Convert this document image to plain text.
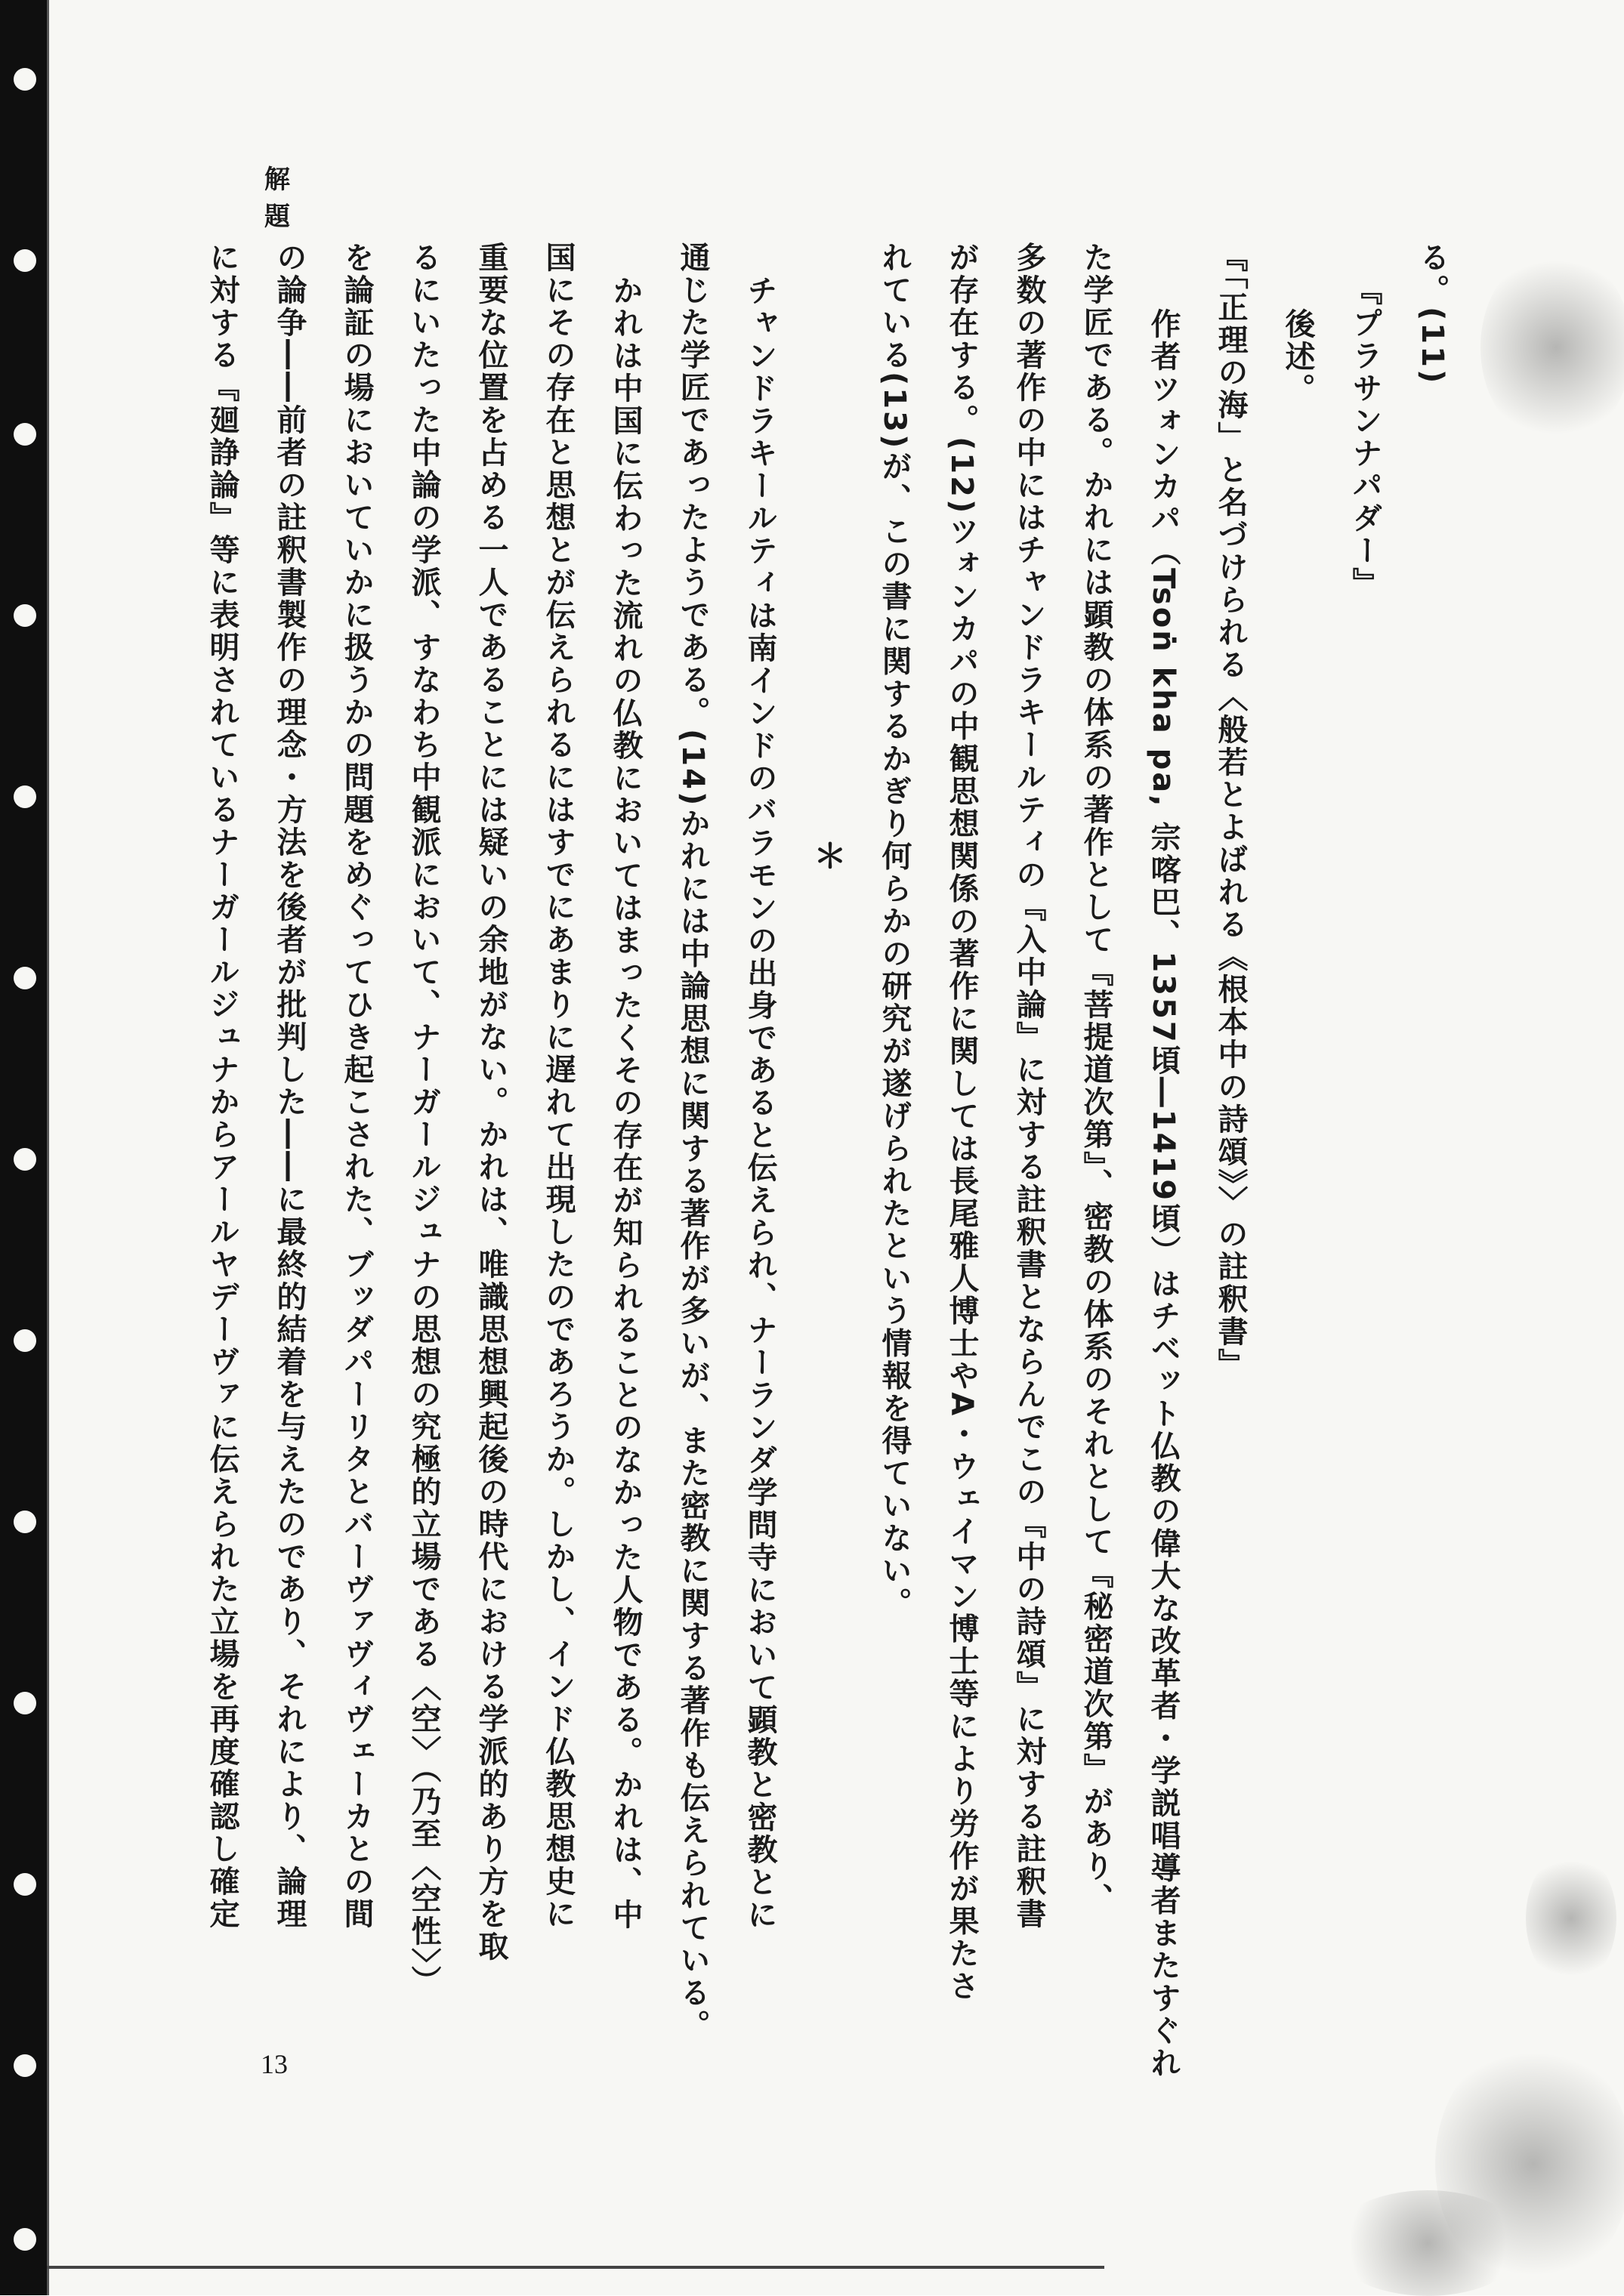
解　題
13

る。(11)

『プラサンナパダー』

後述。

『「正理の海」と名づけられる〈般若とよばれる《根本中の詩頌》〉の註釈書』

作者ツォンカパ（Tsoṅ kha pa, 宗喀巴、1357頃―1419頃）はチベット仏教の偉大な改革者・学説唱導者またすぐれ

た学匠である。かれには顕教の体系の著作として『菩提道次第』、密教の体系のそれとして『秘密道次第』があり、

多数の著作の中にはチャンドラキールティの『入中論』に対する註釈書とならんでこの『中の詩頌』に対する註釈書

が存在する。(12)ツォンカパの中観思想関係の著作に関しては長尾雅人博士やA・ウェイマン博士等により労作が果たさ

れている(13)が、この書に関するかぎり何らかの研究が遂げられたという情報を得ていない。

＊

チャンドラキールティは南インドのバラモンの出身であると伝えられ、ナーランダ学問寺において顕教と密教とに

通じた学匠であったようである。(14)かれには中論思想に関する著作が多いが、また密教に関する著作も伝えられている。

かれは中国に伝わった流れの仏教においてはまったくその存在が知られることのなかった人物である。かれは、中

国にその存在と思想とが伝えられるにはすでにあまりに遅れて出現したのであろうか。しかし、インド仏教思想史に

重要な位置を占める一人であることには疑いの余地がない。かれは、唯識思想興起後の時代における学派的あり方を取

るにいたった中論の学派、すなわち中観派において、ナーガールジュナの思想の究極的立場である〈空〉（乃至〈空性〉）

を論証の場においていかに扱うかの問題をめぐってひき起こされた、ブッダパーリタとバーヴァヴィヴェーカとの間

の論争――前者の註釈書製作の理念・方法を後者が批判した――に最終的結着を与えたのであり、それにより、論理

に対する『廻諍論』等に表明されているナーガールジュナからアールヤデーヴァに伝えられた立場を再度確認し確定
